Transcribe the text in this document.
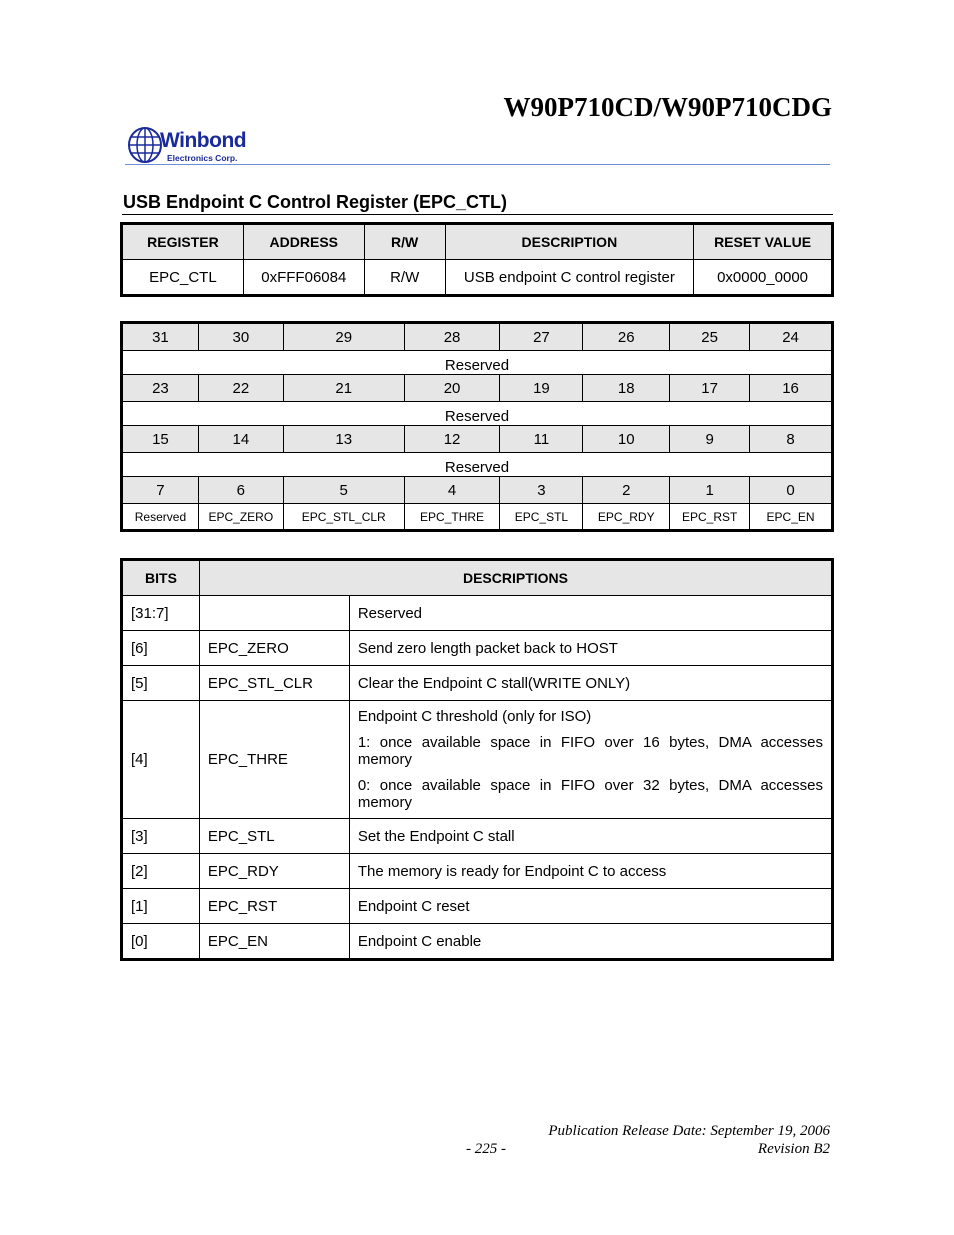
W90P710CD/W90P710CDG
Winbond
Electronics Corp.
USB Endpoint C Control Register (EPC_CTL)
REGISTER	ADDRESS	R/W	DESCRIPTION	RESET VALUE
EPC_CTL	0xFFF06084	R/W	USB endpoint C control register	0x0000_0000
31	30	29	28	27	26	25	24
Reserved							
23	22	21	20	19	18	17	16
Reserved							
15	14	13	12	11	10	9	8
Reserved							
7	6	5	4	3	2	1	0
Reserved	EPC_ZERO	EPC_STL_CLR	EPC_THRE	EPC_STL	EPC_RDY	EPC_RST	EPC_EN
BITS	DESCRIPTIONS	
[31:7]		Reserved

[6]	EPC_ZERO	Send zero length packet back to HOST

[5]	EPC_STL_CLR	Clear the Endpoint C stall(WRITE ONLY)

[4]	EPC_THRE	Endpoint C threshold (only for ISO)

1: once available space in FIFO over 16 bytes, DMA accesses memory

0: once available space in FIFO over 32 bytes, DMA accesses memory

[3]	EPC_STL	Set the Endpoint C stall

[2]	EPC_RDY	The memory is ready for Endpoint C to access

[1]	EPC_RST	Endpoint C reset

[0]	EPC_EN	Endpoint C enable

Publication Release Date: September 19, 2006
- 225 -	Revision B2
